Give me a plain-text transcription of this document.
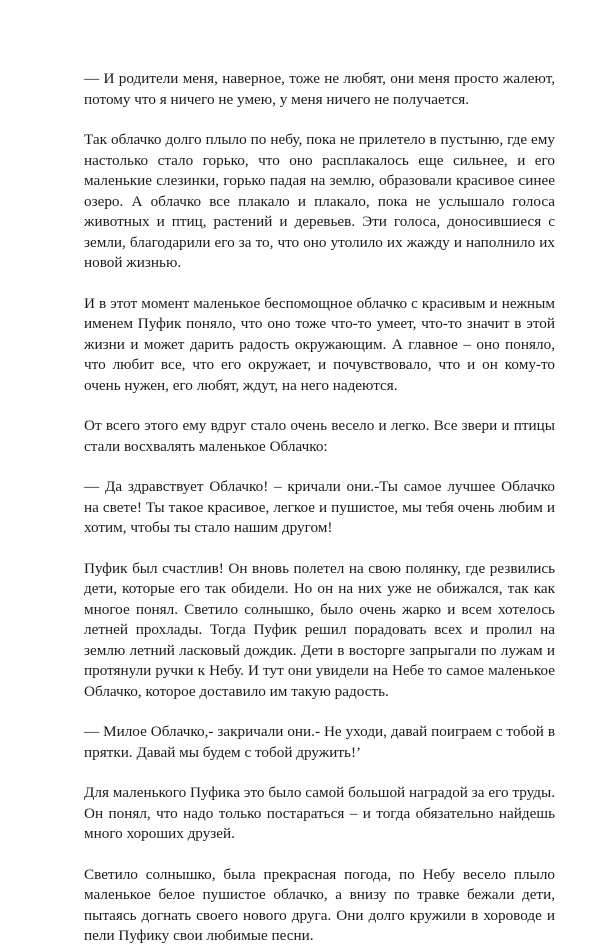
— И родители меня, наверное, тоже не любят, они меня просто жалеют, потому что я ничего не умею, у меня ничего не получается.

Так облачко долго плыло по небу, пока не прилетело в пустыню, где ему настолько стало горько, что оно расплакалось еще сильнее, и его маленькие слезинки, горько падая на землю, образовали красивое синее озеро. А облачко все плакало и плакало, пока не услышало голоса животных и птиц, растений и деревьев. Эти голоса, доносившиеся с земли, благодарили его за то, что оно утолило их жажду и наполнило их новой жизнью.

И в этот момент маленькое беспомощное облачко с красивым и нежным именем Пуфик поняло, что оно тоже что-то умеет, что-то значит в этой жизни и может дарить радость окружающим. А главное – оно поняло, что любит все, что его окружает, и почувствовало, что и он кому-то очень нужен, его любят, ждут, на него надеются.

От всего этого ему вдруг стало очень весело и легко. Все звери и птицы стали восхвалять маленькое Облачко:

— Да здравствует Облачко! – кричали они.-Ты самое лучшее Облачко на свете! Ты такое красивое, легкое и пушистое, мы тебя очень любим и хотим, чтобы ты стало нашим другом!

Пуфик был счастлив! Он вновь полетел на свою полянку, где резвились дети, которые его так обидели. Но он на них уже не обижался, так как многое понял. Светило солнышко, было очень жарко и всем хотелось летней прохлады. Тогда Пуфик решил порадовать всех и пролил на землю летний ласковый дождик. Дети в восторге запрыгали по лужам и протянули ручки к Небу. И тут они увидели на Небе то самое маленькое Облачко, которое доставило им такую радость.

— Милое Облачко,- закричали они.- Не уходи, давай поиграем с тобой в прятки. Давай мы будем с тобой дружить!’

Для маленького Пуфика это было самой большой наградой за его труды. Он понял, что надо только постараться – и тогда обязательно найдешь много хороших друзей.

Светило солнышко, была прекрасная погода, по Небу весело плыло маленькое белое пушистое облачко, а внизу по травке бежали дети, пытаясь догнать своего нового друга. Они долго кружили в хороводе и пели Пуфику свои любимые песни.
